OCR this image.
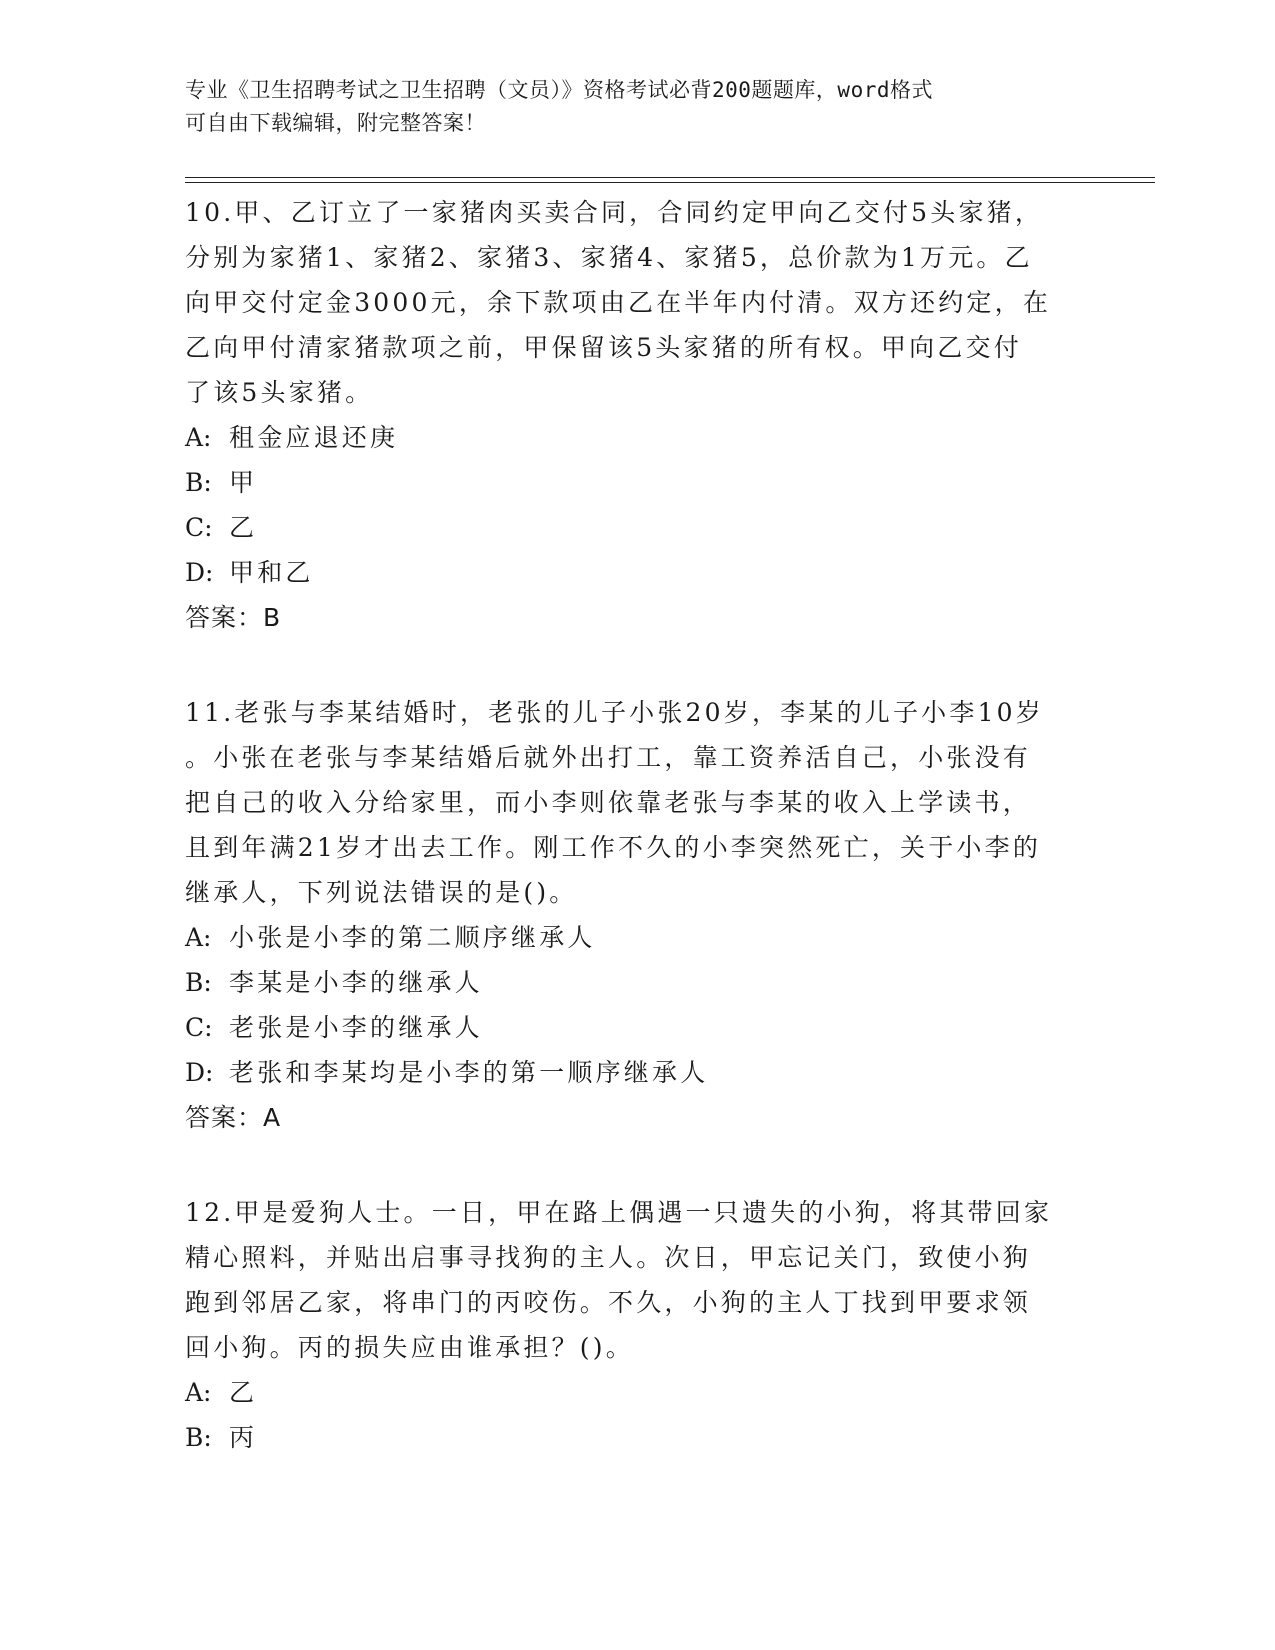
专业《卫生招聘考试之卫生招聘（文员）》资格考试必背200题题库，word格式
可自由下载编辑，附完整答案！
10.甲、乙订立了一家猪肉买卖合同，合同约定甲向乙交付5头家猪，
分别为家猪1、家猪2、家猪3、家猪4、家猪5，总价款为1万元。乙
向甲交付定金3000元，余下款项由乙在半年内付清。双方还约定，在
乙向甲付清家猪款项之前，甲保留该5头家猪的所有权。甲向乙交付
了该5头家猪。
A: 租金应退还庚
B: 甲
C: 乙
D: 甲和乙
答案：B
11.老张与李某结婚时，老张的儿子小张20岁，李某的儿子小李10岁
。小张在老张与李某结婚后就外出打工，靠工资养活自己，小张没有
把自己的收入分给家里，而小李则依靠老张与李某的收入上学读书，
且到年满21岁才出去工作。刚工作不久的小李突然死亡，关于小李的
继承人，下列说法错误的是()。
A: 小张是小李的第二顺序继承人
B: 李某是小李的继承人
C: 老张是小李的继承人
D: 老张和李某均是小李的第一顺序继承人
答案：A
12.甲是爱狗人士。一日，甲在路上偶遇一只遗失的小狗，将其带回家
精心照料，并贴出启事寻找狗的主人。次日，甲忘记关门，致使小狗
跑到邻居乙家，将串门的丙咬伤。不久，小狗的主人丁找到甲要求领
回小狗。丙的损失应由谁承担？()。
A: 乙
B: 丙
